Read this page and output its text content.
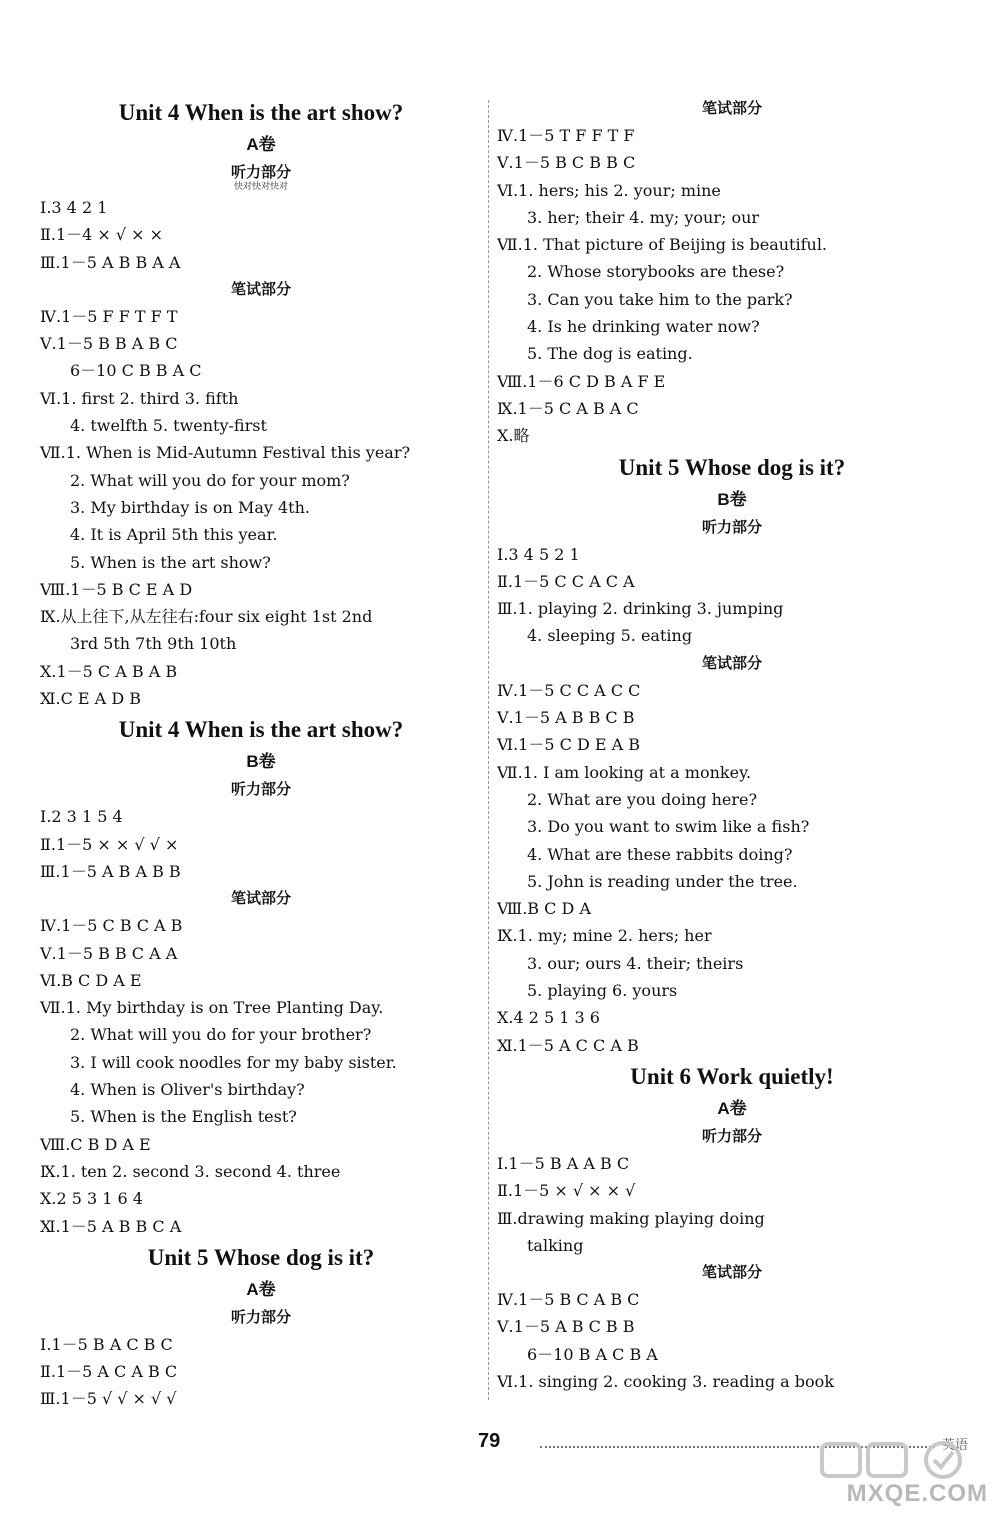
Unit 4 When is the art show?
A卷
听力部分
快对快对快对
Ⅰ.3 4 2 1
Ⅱ.1－4 × √ × ×
Ⅲ.1－5 A B B A A
笔试部分
Ⅳ.1－5 F F T F T
Ⅴ.1－5 B B A B C
6－10 C B B A C
Ⅵ.1. first 2. third 3. fifth
4. twelfth 5. twenty-first
Ⅶ.1. When is Mid-Autumn Festival this year?
2. What will you do for your mom?
3. My birthday is on May 4th.
4. It is April 5th this year.
5. When is the art show?
Ⅷ.1－5 B C E A D
Ⅸ.从上往下,从左往右:four six eight 1st 2nd
3rd 5th 7th 9th 10th
Ⅹ.1－5 C A B A B
Ⅺ.C E A D B
Unit 4 When is the art show?
B卷
听力部分
Ⅰ.2 3 1 5 4
Ⅱ.1－5 × × √ √ ×
Ⅲ.1－5 A B A B B
笔试部分
Ⅳ.1－5 C B C A B
Ⅴ.1－5 B B C A A
Ⅵ.B C D A E
Ⅶ.1. My birthday is on Tree Planting Day.
2. What will you do for your brother?
3. I will cook noodles for my baby sister.
4. When is Oliver's birthday?
5. When is the English test?
Ⅷ.C B D A E
Ⅸ.1. ten 2. second 3. second 4. three
Ⅹ.2 5 3 1 6 4
Ⅺ.1－5 A B B C A
Unit 5 Whose dog is it?
A卷
听力部分
Ⅰ.1－5 B A C B C
Ⅱ.1－5 A C A B C
Ⅲ.1－5 √ √ × √ √
笔试部分
Ⅳ.1－5 T F F T F
Ⅴ.1－5 B C B B C
Ⅵ.1. hers; his 2. your; mine
3. her; their 4. my; your; our
Ⅶ.1. That picture of Beijing is beautiful.
2. Whose storybooks are these?
3. Can you take him to the park?
4. Is he drinking water now?
5. The dog is eating.
Ⅷ.1－6 C D B A F E
Ⅸ.1－5 C A B A C
Ⅹ.略
Unit 5 Whose dog is it?
B卷
听力部分
Ⅰ.3 4 5 2 1
Ⅱ.1－5 C C A C A
Ⅲ.1. playing 2. drinking 3. jumping
4. sleeping 5. eating
笔试部分
Ⅳ.1－5 C C A C C
Ⅴ.1－5 A B B C B
Ⅵ.1－5 C D E A B
Ⅶ.1. I am looking at a monkey.
2. What are you doing here?
3. Do you want to swim like a fish?
4. What are these rabbits doing?
5. John is reading under the tree.
Ⅷ.B C D A
Ⅸ.1. my; mine 2. hers; her
3. our; ours 4. their; theirs
5. playing 6. yours
Ⅹ.4 2 5 1 3 6
Ⅺ.1－5 A C C A B
Unit 6 Work quietly!
A卷
听力部分
Ⅰ.1－5 B A A B C
Ⅱ.1－5 × √ × × √
Ⅲ.drawing making playing doing
talking
笔试部分
Ⅳ.1－5 B C A B C
Ⅴ.1－5 A B C B B
6－10 B A C B A
Ⅵ.1. singing 2. cooking 3. reading a book
79	英语
MXQE.COM
